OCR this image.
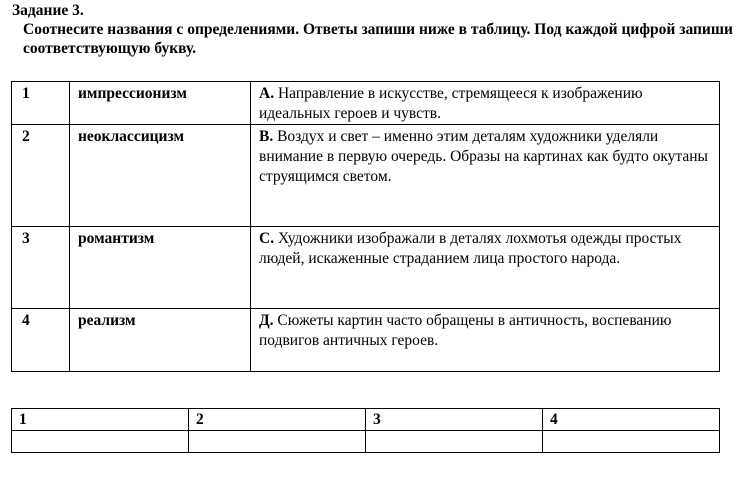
Задание 3.

Соотнесите названия с определениями. Ответы запиши ниже в таблицу. Под каждой цифрой запиши соответствующую букву.

1	импрессионизм	А. Направление в искусстве, стремящееся к изображению идеальных героев и чувств.
2	неоклассицизм	В. Воздух и свет – именно этим деталям художники уделяли внимание в первую очередь. Образы на картинах как будто окутаны струящимся светом.
3	романтизм	С. Художники изображали в деталях лохмотья одежды простых людей, искаженные страданием лица простого народа.
4	реализм	Д. Сюжеты картин часто обращены в античность, воспеванию подвигов античных героев.
1	2	3	4
